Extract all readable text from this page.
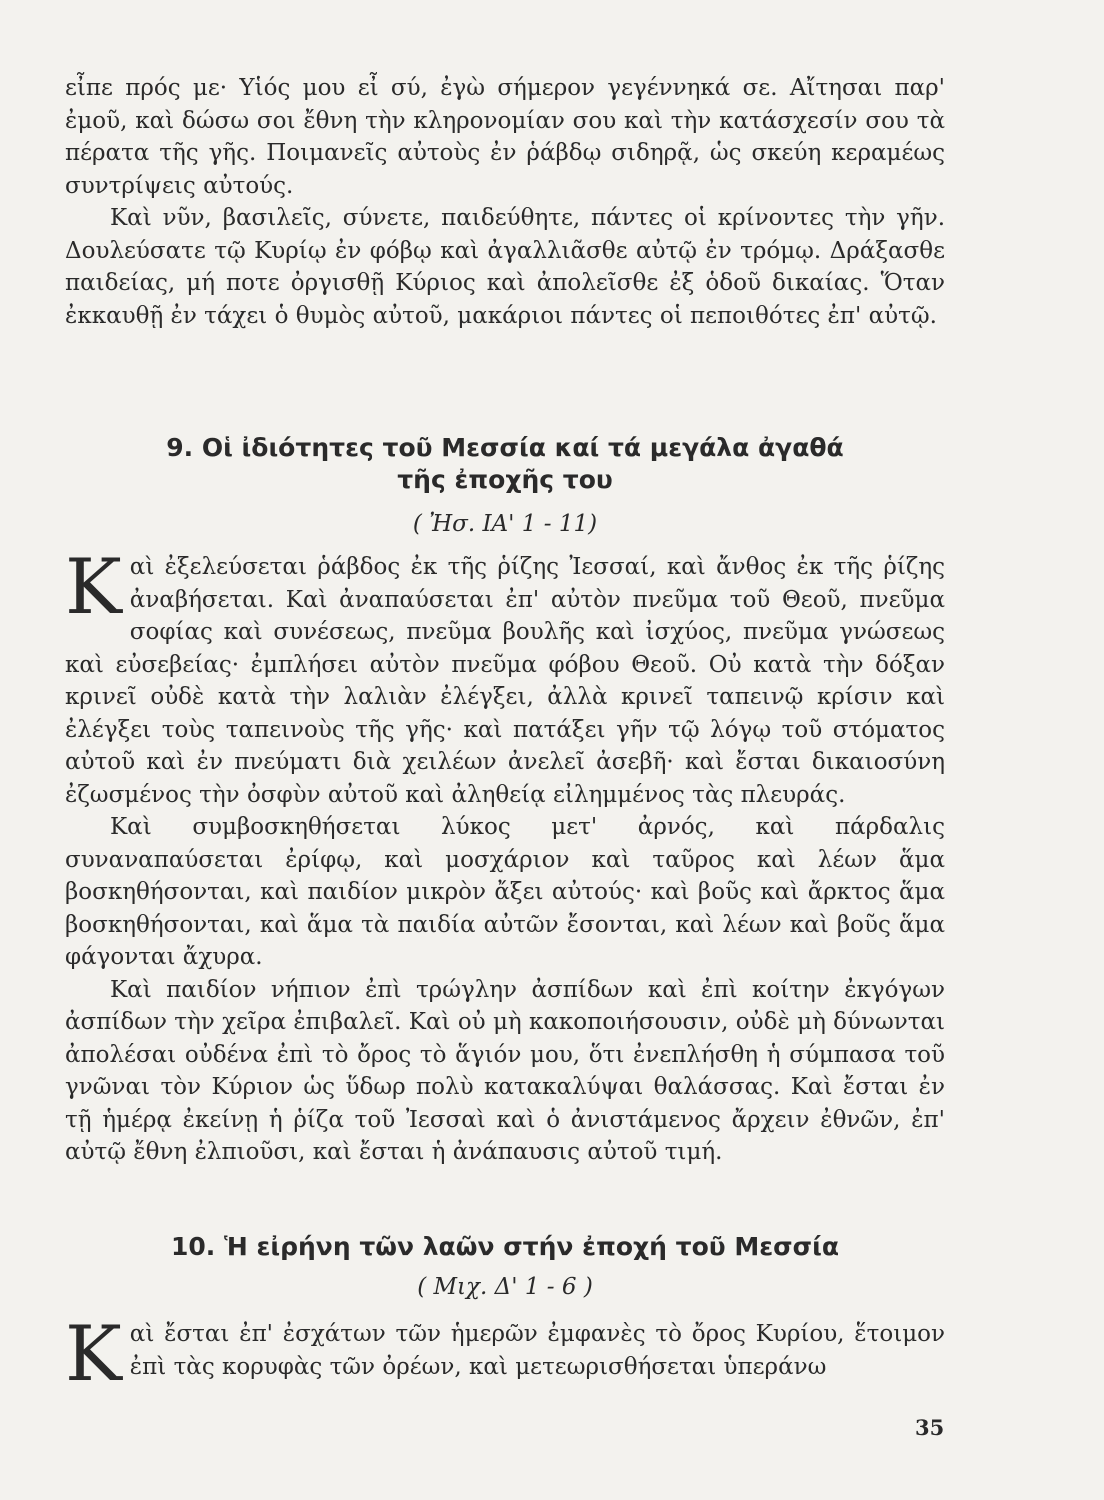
εἶπε πρός με· Υἱός μου εἶ σύ, ἐγὼ σήμερον γεγέννηκά σε. Αἴτησαι παρ' ἐμοῦ, καὶ δώσω σοι ἔθνη τὴν κληρονομίαν σου καὶ τὴν κατάσχεσίν σου τὰ πέρατα τῆς γῆς. Ποιμανεῖς αὐτοὺς ἐν ῥάβδῳ σιδηρᾷ, ὡς σκεύη κεραμέως συντρίψεις αὐτούς.

Καὶ νῦν, βασιλεῖς, σύνετε, παιδεύθητε, πάντες οἱ κρίνοντες τὴν γῆν. Δουλεύσατε τῷ Κυρίῳ ἐν φόβῳ καὶ ἀγαλλιᾶσθε αὐτῷ ἐν τρόμῳ. Δράξασθε παιδείας, μή ποτε ὀργισθῇ Κύριος καὶ ἀπολεῖσθε ἐξ ὁδοῦ δικαίας. Ὅταν ἐκκαυθῇ ἐν τάχει ὁ θυμὸς αὐτοῦ, μακάριοι πάντες οἱ πεποιθότες ἐπ' αὐτῷ.

9. Οἱ ἰδιότητες τοῦ Μεσσία καί τά μεγάλα ἀγαθά
τῆς ἐποχῆς του
( Ἠσ. ΙΑ' 1 - 11)

Καὶ ἐξελεύσεται ῥάβδος ἐκ τῆς ῥίζης Ἰεσσαί, καὶ ἄνθος ἐκ τῆς ῥίζης ἀναβήσεται. Καὶ ἀναπαύσεται ἐπ' αὐτὸν πνεῦμα τοῦ Θεοῦ, πνεῦμα σοφίας καὶ συνέσεως, πνεῦμα βουλῆς καὶ ἰσχύος, πνεῦμα γνώσεως καὶ εὐσεβείας· ἐμπλήσει αὐτὸν πνεῦμα φόβου Θεοῦ. Οὐ κατὰ τὴν δόξαν κρινεῖ οὐδὲ κατὰ τὴν λαλιὰν ἐλέγξει, ἀλλὰ κρινεῖ ταπεινῷ κρίσιν καὶ ἐλέγξει τοὺς ταπεινοὺς τῆς γῆς· καὶ πατάξει γῆν τῷ λόγῳ τοῦ στόματος αὐτοῦ καὶ ἐν πνεύματι διὰ χειλέων ἀνελεῖ ἀσεβῆ· καὶ ἔσται δικαιοσύνη ἐζωσμένος τὴν ὀσφὺν αὐτοῦ καὶ ἀληθείᾳ εἰλημμένος τὰς πλευράς.

Καὶ συμβοσκηθήσεται λύκος μετ' ἀρνός, καὶ πάρδαλις συναναπαύσεται ἐρίφῳ, καὶ μοσχάριον καὶ ταῦρος καὶ λέων ἅμα βοσκηθήσονται, καὶ παιδίον μικρὸν ἄξει αὐτούς· καὶ βοῦς καὶ ἄρκτος ἅμα βοσκηθήσονται, καὶ ἅμα τὰ παιδία αὐτῶν ἔσονται, καὶ λέων καὶ βοῦς ἅμα φάγονται ἄχυρα.

Καὶ παιδίον νήπιον ἐπὶ τρώγλην ἀσπίδων καὶ ἐπὶ κοίτην ἐκγόγων ἀσπίδων τὴν χεῖρα ἐπιβαλεῖ. Καὶ οὐ μὴ κακοποιήσουσιν, οὐδὲ μὴ δύνωνται ἀπολέσαι οὐδένα ἐπὶ τὸ ὄρος τὸ ἅγιόν μου, ὅτι ἐνεπλήσθη ἡ σύμπασα τοῦ γνῶναι τὸν Κύριον ὡς ὕδωρ πολὺ κατακαλύψαι θαλάσσας. Καὶ ἔσται ἐν τῇ ἡμέρᾳ ἐκείνῃ ἡ ῥίζα τοῦ Ἰεσσαὶ καὶ ὁ ἀνιστάμενος ἄρχειν ἐθνῶν, ἐπ' αὐτῷ ἔθνη ἐλπιοῦσι, καὶ ἔσται ἡ ἀνάπαυσις αὐτοῦ τιμή.

10. Ἡ εἰρήνη τῶν λαῶν στήν ἐποχή τοῦ Μεσσία
( Μιχ. Δ' 1 - 6 )

Καὶ ἔσται ἐπ' ἐσχάτων τῶν ἡμερῶν ἐμφανὲς τὸ ὄρος Κυρίου, ἕτοιμον ἐπὶ τὰς κορυφὰς τῶν ὀρέων, καὶ μετεωρισθήσεται ὑπεράνω

35
